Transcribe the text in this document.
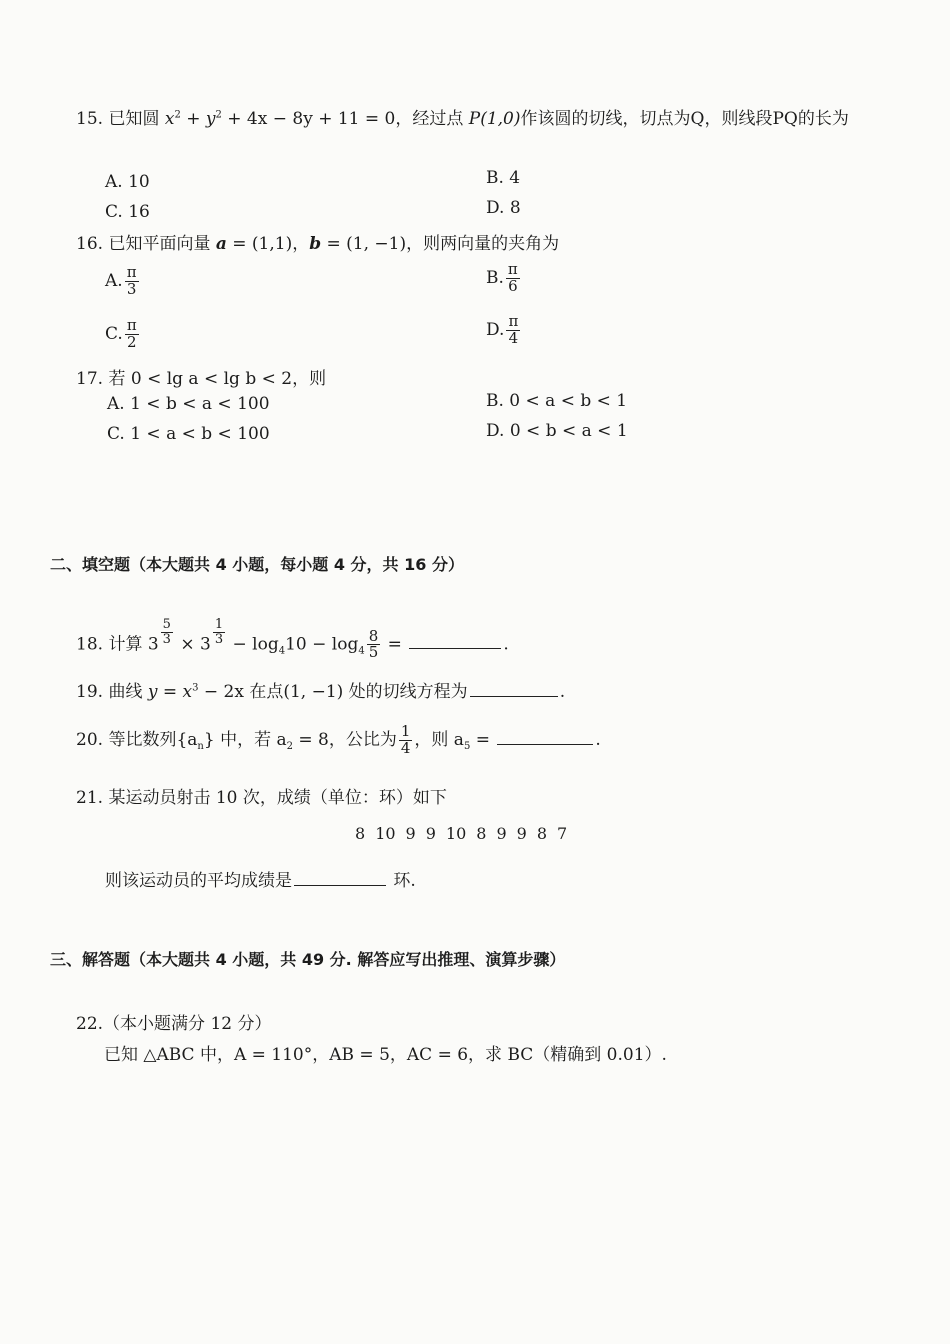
15. 已知圆 $x^2 + y^2 + 4x - 8y + 11 = 0$，经过点 P(1,0)作该圆的切线，切点为Q，则线段PQ的长为
A. 10	B. 4
C. 16	D. 8
16. 已知平面向量 a = (1,1)，b = (1, −1)，则两向量的夹角为
A. $\frac{\pi}{3}$	B. $\frac{\pi}{6}$
C. $\frac{\pi}{2}$	D. $\frac{\pi}{4}$
17. 若 0 < lg a < lg b < 2，则
A. 1 < b < a < 100	B. 0 < a < b < 1
C. 1 < a < b < 100	D. 0 < b < a < 1
二、填空题（本大题共 4 小题，每小题 4 分，共 16 分）
18. 计算 $3 \frac{5}{3} \times 3 \frac{1}{3} - \log_410 - \log_4 \frac{8}{5}$ =	.
19. 曲线 $y = x^3 - 2x$ 在点(1, −1) 处的切线方程为	.
20. 等比数列$\{a_n\}$ 中，若 $a_2 = 8$，公比为 $\frac{1}{4}$ ，则 $a_5$ =	.
21. 某运动员射击 10 次，成绩（单位：环）如下
8 10 9 9 10 8 9 9 8 7
则该运动员的平均成绩是	环.
三、解答题（本大题共 4 小题，共 49 分. 解答应写出推理、演算步骤）
22.（本小题满分 12 分）
已知 △ABC 中，A = 110°，AB = 5，AC = 6，求 BC（精确到 0.01）.
